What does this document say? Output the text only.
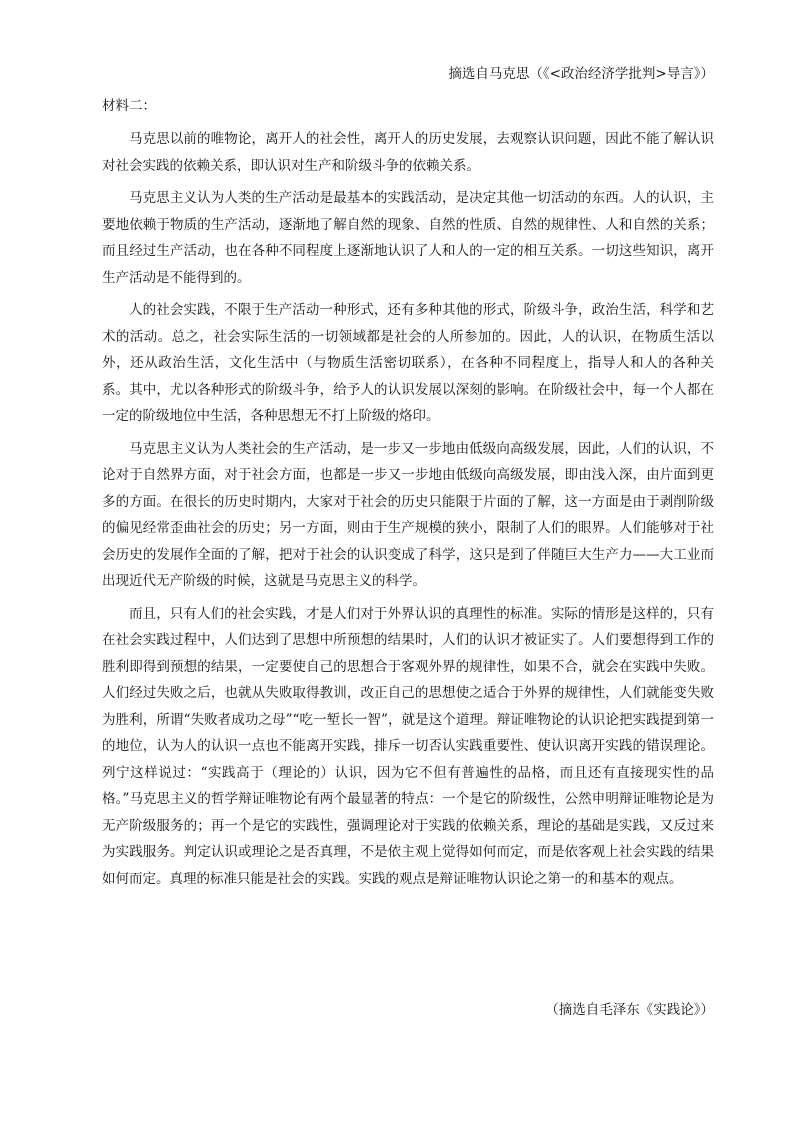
摘选自马克思（《<政治经济学批判>导言》）
材料二：

马克思以前的唯物论，离开人的社会性，离开人的历史发展，去观察认识问题，因此不能了解认识对社会实践的依赖关系，即认识对生产和阶级斗争的依赖关系。

马克思主义认为人类的生产活动是最基本的实践活动，是决定其他一切活动的东西。人的认识，主要地依赖于物质的生产活动，逐渐地了解自然的现象、自然的性质、自然的规律性、人和自然的关系；而且经过生产活动，也在各种不同程度上逐渐地认识了人和人的一定的相互关系。一切这些知识，离开生产活动是不能得到的。

人的社会实践，不限于生产活动一种形式，还有多种其他的形式，阶级斗争，政治生活，科学和艺术的活动。总之，社会实际生活的一切领域都是社会的人所参加的。因此，人的认识，在物质生活以外，还从政治生活，文化生活中（与物质生活密切联系），在各种不同程度上，指导人和人的各种关系。其中，尤以各种形式的阶级斗争，给予人的认识发展以深刻的影响。在阶级社会中，每一个人都在一定的阶级地位中生活，各种思想无不打上阶级的烙印。

马克思主义认为人类社会的生产活动，是一步又一步地由低级向高级发展，因此，人们的认识，不论对于自然界方面，对于社会方面，也都是一步又一步地由低级向高级发展，即由浅入深，由片面到更多的方面。在很长的历史时期内，大家对于社会的历史只能限于片面的了解，这一方面是由于剥削阶级的偏见经常歪曲社会的历史；另一方面，则由于生产规模的狭小，限制了人们的眼界。人们能够对于社会历史的发展作全面的了解，把对于社会的认识变成了科学，这只是到了伴随巨大生产力——大工业而出现近代无产阶级的时候，这就是马克思主义的科学。

而且，只有人们的社会实践，才是人们对于外界认识的真理性的标准。实际的情形是这样的，只有在社会实践过程中，人们达到了思想中所预想的结果时，人们的认识才被证实了。人们要想得到工作的胜利即得到预想的结果，一定要使自己的思想合于客观外界的规律性，如果不合，就会在实践中失败。人们经过失败之后，也就从失败取得教训，改正自己的思想使之适合于外界的规律性，人们就能变失败为胜利，所谓“失败者成功之母”“吃一堑长一智”，就是这个道理。辩证唯物论的认识论把实践提到第一的地位，认为人的认识一点也不能离开实践，排斥一切否认实践重要性、使认识离开实践的错误理论。列宁这样说过：“实践高于（理论的）认识，因为它不但有普遍性的品格，而且还有直接现实性的品格。”马克思主义的哲学辩证唯物论有两个最显著的特点：一个是它的阶级性，公然申明辩证唯物论是为无产阶级服务的；再一个是它的实践性，强调理论对于实践的依赖关系，理论的基础是实践，又反过来为实践服务。判定认识或理论之是否真理，不是依主观上觉得如何而定，而是依客观上社会实践的结果如何而定。真理的标准只能是社会的实践。实践的观点是辩证唯物认识论之第一的和基本的观点。

（摘选自毛泽东《实践论》）
